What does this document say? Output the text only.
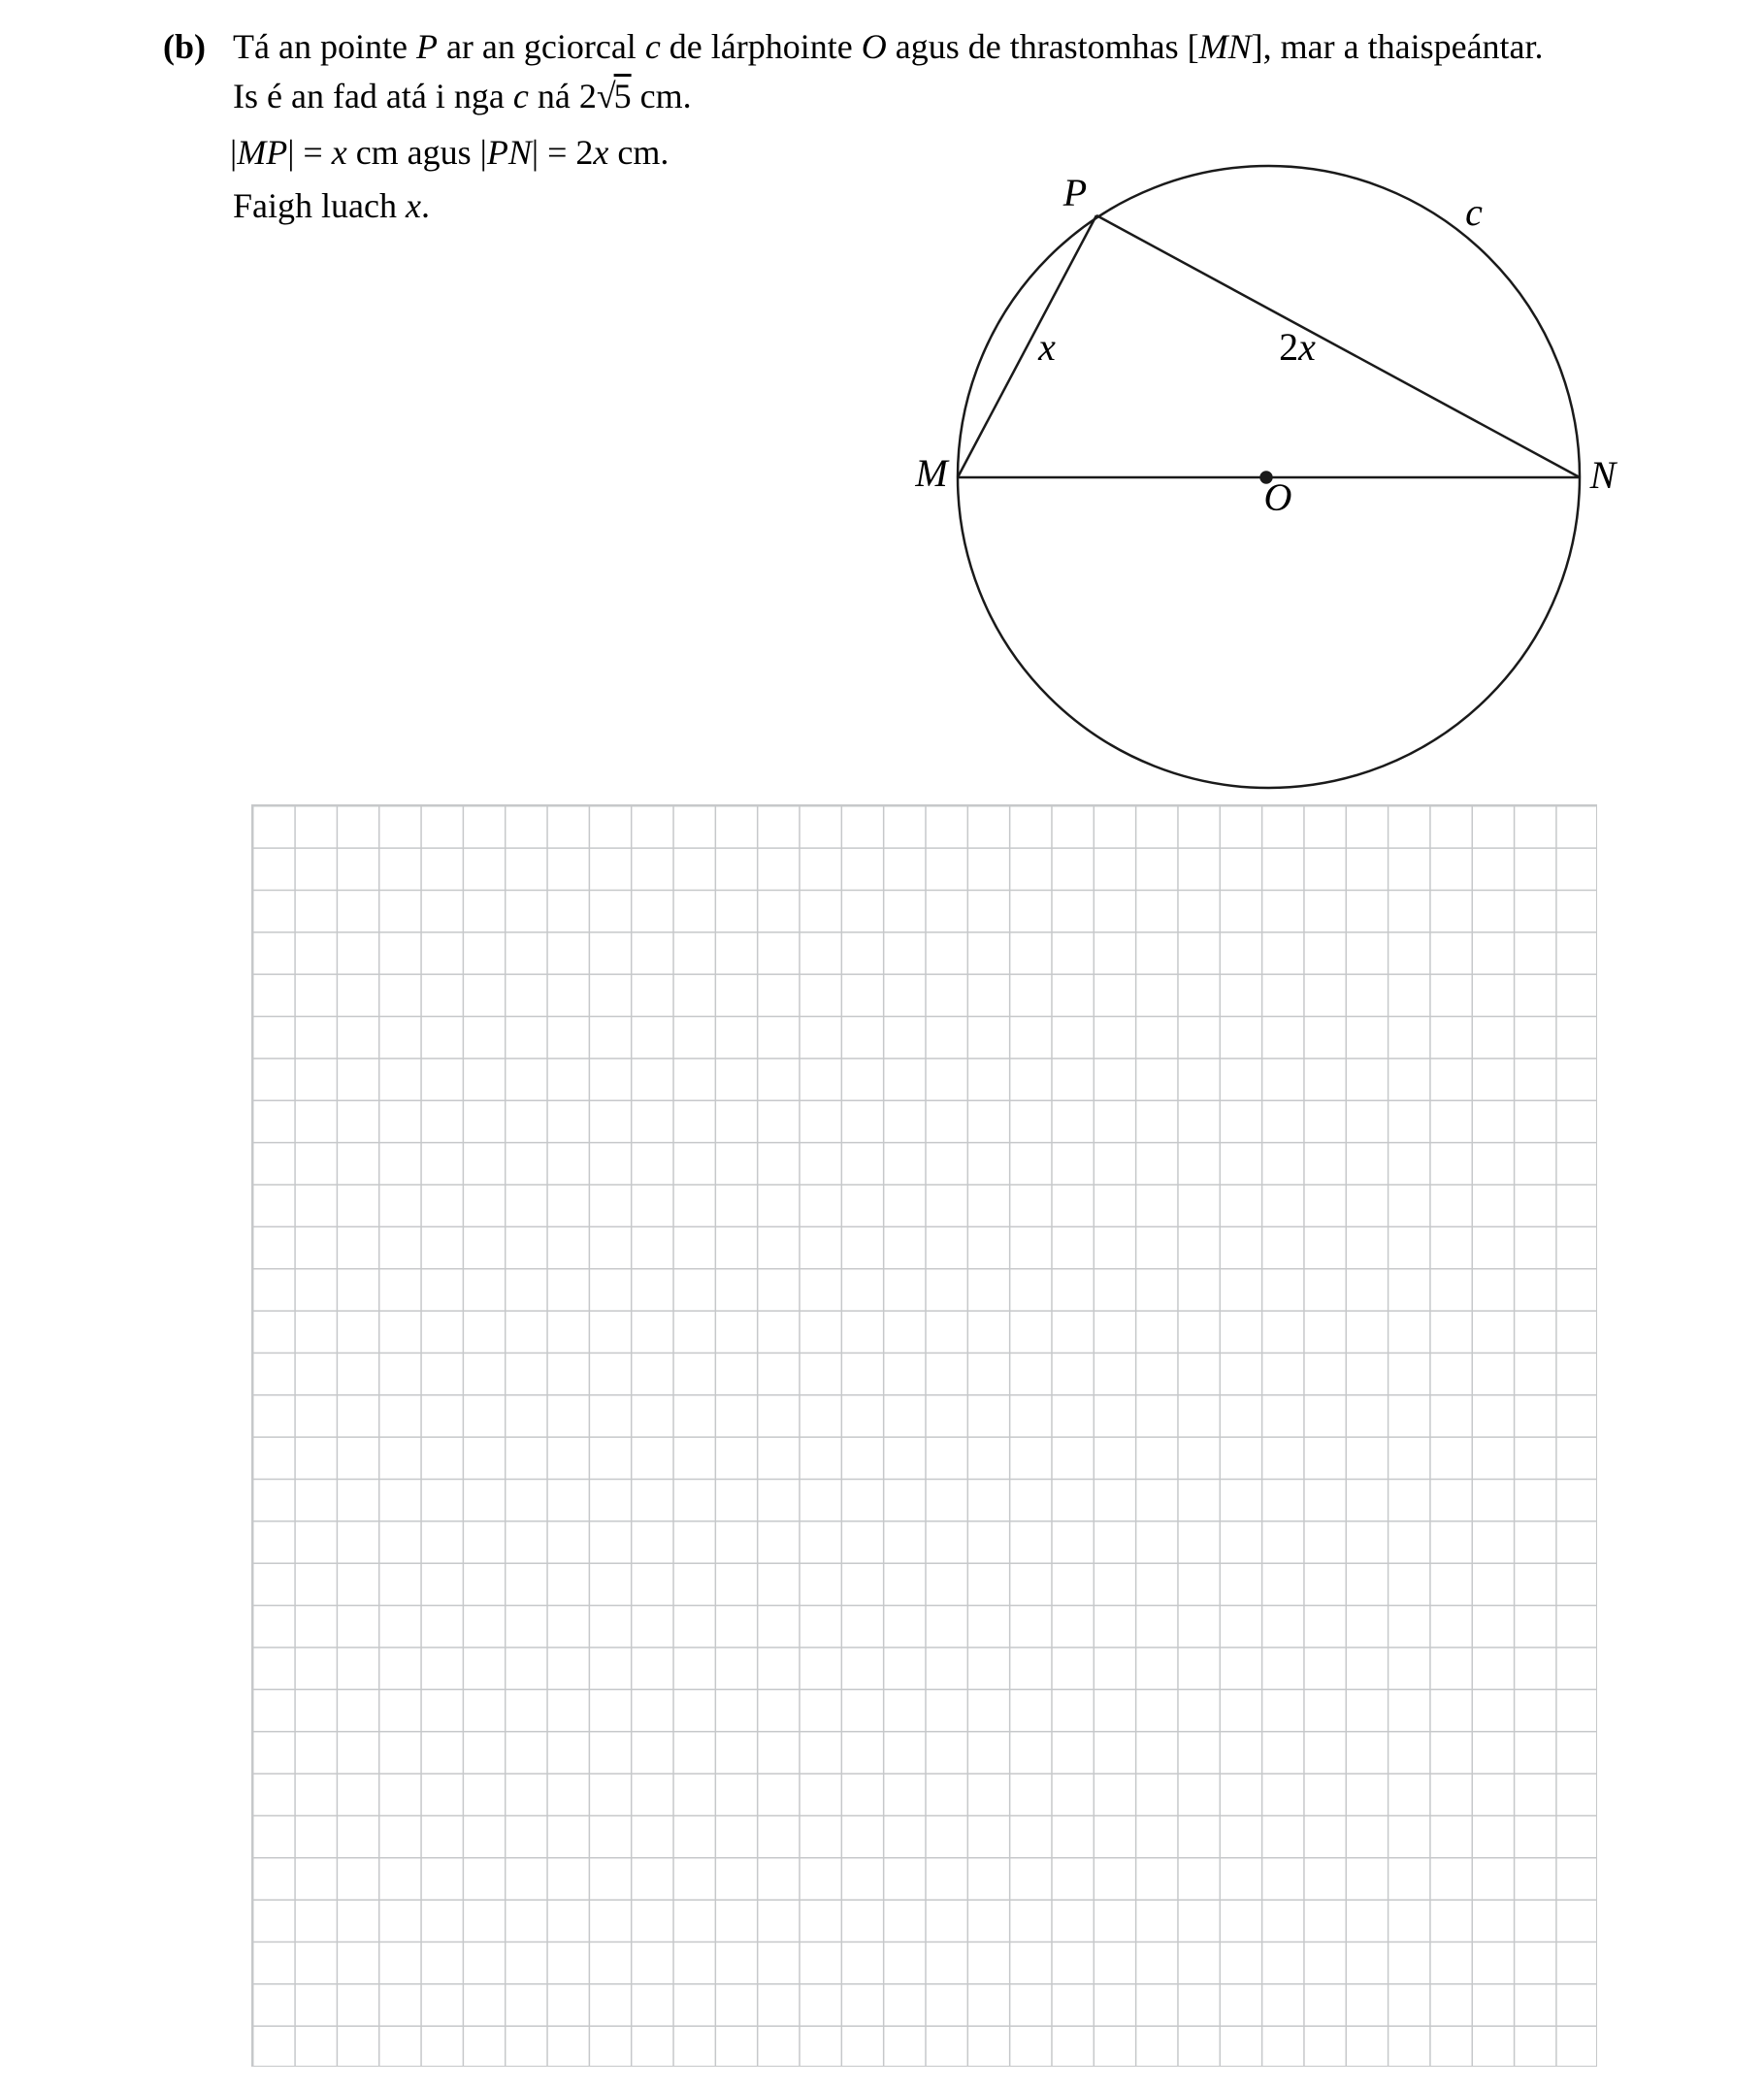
(b) Tá an pointe P ar an gciorcal c de lárphointe O agus de thrastomhas [MN], mar a thaispeántar.
Is é an fad atá i nga c ná 2√5 cm.
|MP| = x cm agus |PN| = 2x cm.
Faigh luach x.	P	c
M	N
O
x	2x
